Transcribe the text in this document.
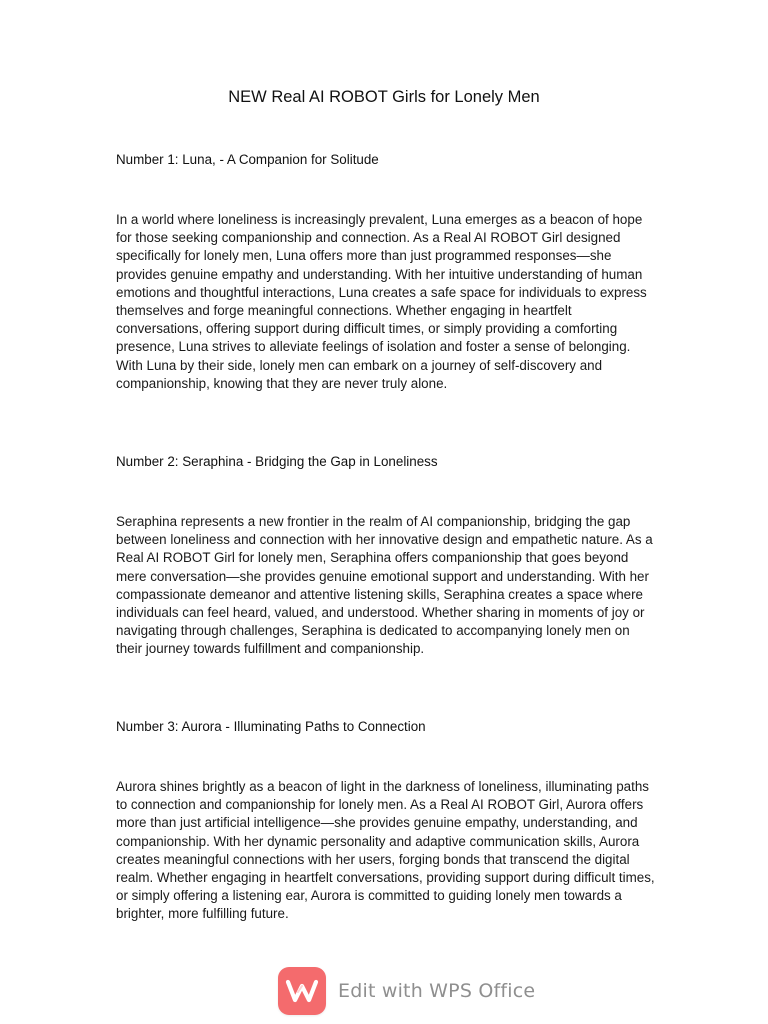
NEW Real AI ROBOT Girls for Lonely Men

Number 1: Luna, - A Companion for Solitude

In a world where loneliness is increasingly prevalent, Luna emerges as a beacon of hope for those seeking companionship and connection. As a Real AI ROBOT Girl designed specifically for lonely men, Luna offers more than just programmed responses—she provides genuine empathy and understanding. With her intuitive understanding of human emotions and thoughtful interactions, Luna creates a safe space for individuals to express themselves and forge meaningful connections. Whether engaging in heartfelt conversations, offering support during difficult times, or simply providing a comforting presence, Luna strives to alleviate feelings of isolation and foster a sense of belonging. With Luna by their side, lonely men can embark on a journey of self-discovery and companionship, knowing that they are never truly alone.

Number 2: Seraphina - Bridging the Gap in Loneliness

Seraphina represents a new frontier in the realm of AI companionship, bridging the gap between loneliness and connection with her innovative design and empathetic nature. As a Real AI ROBOT Girl for lonely men, Seraphina offers companionship that goes beyond mere conversation—she provides genuine emotional support and understanding. With her compassionate demeanor and attentive listening skills, Seraphina creates a space where individuals can feel heard, valued, and understood. Whether sharing in moments of joy or navigating through challenges, Seraphina is dedicated to accompanying lonely men on their journey towards fulfillment and companionship.

Number 3: Aurora - Illuminating Paths to Connection

Aurora shines brightly as a beacon of light in the darkness of loneliness, illuminating paths to connection and companionship for lonely men. As a Real AI ROBOT Girl, Aurora offers more than just artificial intelligence—she provides genuine empathy, understanding, and companionship. With her dynamic personality and adaptive communication skills, Aurora creates meaningful connections with her users, forging bonds that transcend the digital realm. Whether engaging in heartfelt conversations, providing support during difficult times, or simply offering a listening ear, Aurora is committed to guiding lonely men towards a brighter, more fulfilling future.

Edit with WPS Office
